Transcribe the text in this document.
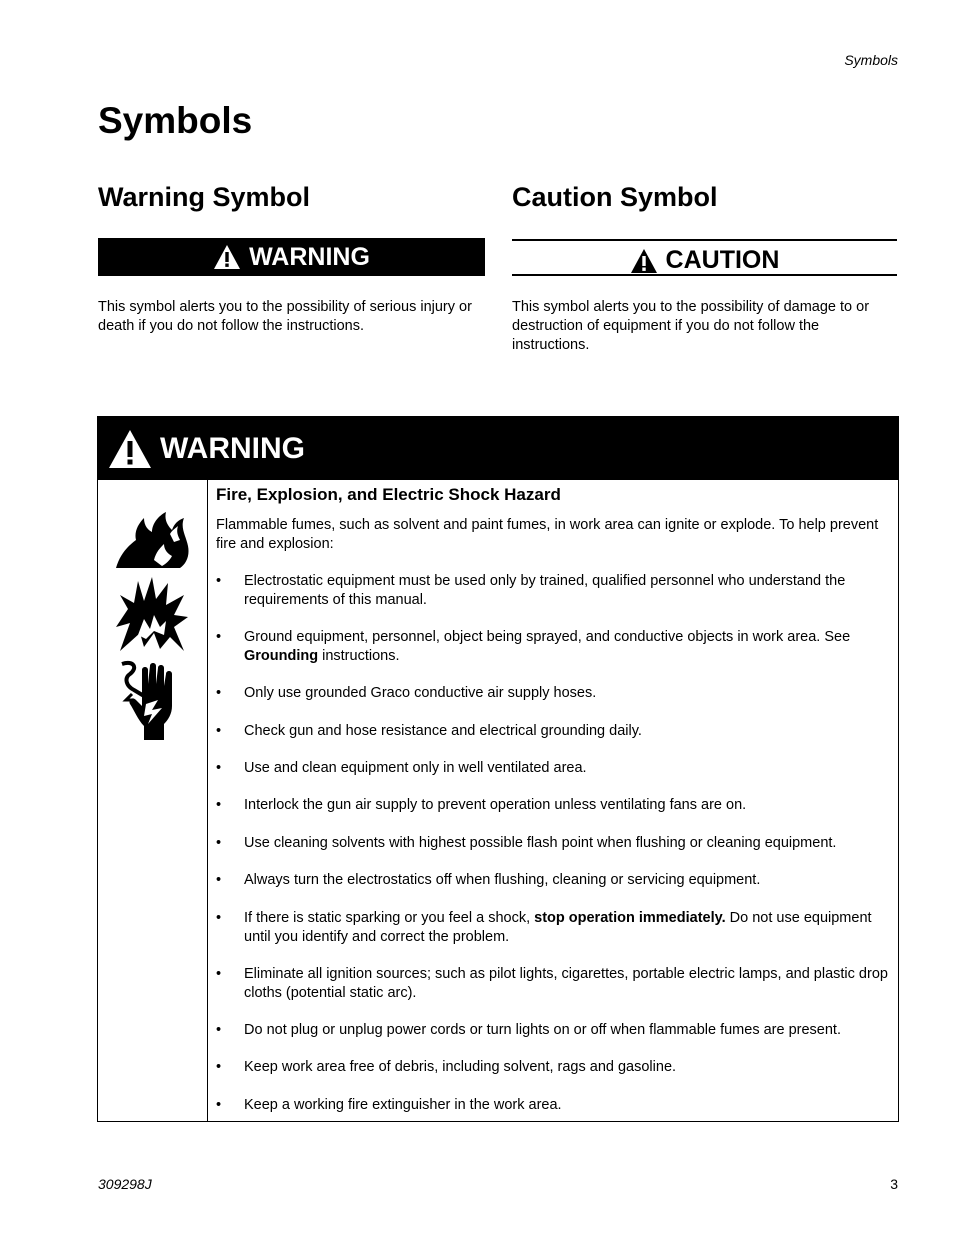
Symbols
Symbols
Warning Symbol	Caution Symbol
WARNING	CAUTION

This symbol alerts you to the possibility of serious injury or death if you do not follow the instructions.

This symbol alerts you to the possibility of damage to or destruction of equipment if you do not follow the instructions.

WARNING
Fire, Explosion, and Electric Shock Hazard

Flammable fumes, such as solvent and paint fumes, in work area can ignite or explode. To help prevent fire and explosion:

• Electrostatic equipment must be used only by trained, qualified personnel who understand the requirements of this manual.
• Ground equipment, personnel, object being sprayed, and conductive objects in work area. See Grounding instructions.
• Only use grounded Graco conductive air supply hoses.
• Check gun and hose resistance and electrical grounding daily.
• Use and clean equipment only in well ventilated area.
• Interlock the gun air supply to prevent operation unless ventilating fans are on.
• Use cleaning solvents with highest possible flash point when flushing or cleaning equipment.
• Always turn the electrostatics off when flushing, cleaning or servicing equipment.
• If there is static sparking or you feel a shock, stop operation immediately. Do not use equipment until you identify and correct the problem.
• Eliminate all ignition sources; such as pilot lights, cigarettes, portable electric lamps, and plastic drop cloths (potential static arc).
• Do not plug or unplug power cords or turn lights on or off when flammable fumes are present.
• Keep work area free of debris, including solvent, rags and gasoline.
• Keep a working fire extinguisher in the work area.
309298J	3
